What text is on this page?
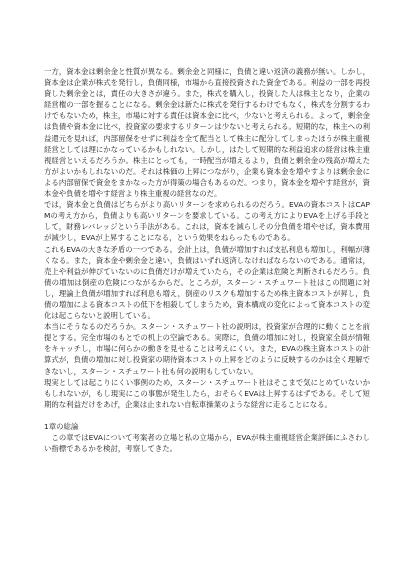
一方，資本金は剰余金と性質が異なる。剰余金と同様に，負債と違い返済の義務が無い。しかし，資本金は企業が株式を発行し，負債同様，市場から直接投資された資金である。利益の一部を再投資した剰余金とは，責任の大きさが違う。また，株式を購入し，投資した人は株主となり，企業の経営権の一部を握ることになる。剰余金は新たに株式を発行するわけでもなく，株式を分割するわけでもないため，株主，市場に対する責任は資本金に比べ，少ないと考えられる。よって，剰余金は負債や資本金に比べ，投資家の要求するリターンは少ないと考えられる。短期的な，株主への利益還元を見れば，内部留保をせずに利益を全て配当として株主に配分してしまったほうが株主重視経営としては理にかなっているかもしれない。しかし，はたして短期的な利益追求の経営は株主重視経営といえるだろうか。株主にとっても，一時配当が増えるより，負債と剰余金の残高が増えた方がよいかもしれないのだ。それは株価の上昇につながり，企業も資本金を増やすよりは剰余金による内部留保で資金をまかなった方が得策の場合もあるのだ。つまり，資本金を増やす経営が，資本金や負債を増やす経営より株主重視の経営なのだ。

では，資本金と負債はどちらがより高いリターンを求められるのだろう。EVAの資本コストはCAPMの考え方から，負債よりも高いリターンを要求している。この考え方によりEVAを上げる手段として，財務レバレッジという手法がある。これは，資本を減らしその分負債を増やせば，資本費用が減少し，EVAが上昇することになる，という効果をねらったものである。

これもEVAの大きな矛盾の一つである。会計上は，負債が増加すれば支払利息も増加し，利幅が薄くなる。また，資本金や剰余金と違い，負債はいずれ返済しなければならないのである。通常は，売上や利益が伸びていないのに負債だけが増えていたら，その企業は危険と判断されるだろう。負債の増加は倒産の危険につながるからだ。ところが，スターン・スチュワート社はこの問題に対し，理論上負債が増加すれば利息も増え，倒産のリスクも増加するため株主資本コストが昇し，負債の増加による資本コストの低下を相殺してしまうため，資本構成の変化によって資本コストの変化は起こらないと説明している。

本当にそうなるのだろうか。スターン・スチュワート社の説明は，投資家が合理的に動くことを前提とする。完全市場のもとでの机上の空論である。実際に，負債の増加に対し，投資家全員が情報をキャッチし，市場に何らかの動きを見せることは考えにくい。また，EVAの株主資本コストの計算式が，負債の増加に対し投資家の期待資本コストの上昇をどのように反映するのかは全く理解できないし，スターン・スチュワート社も何の説明もしていない。

現実としては起こりにくい事例のため，スターン・スチュワート社はそこまで気にとめていないかもしれないが，もし現実にこの事態が発生したら，おそらくEVAは上昇するはずである。そして短期的な利益だけをあげ，企業は止まれない自転車操業のような経営に走ることになる。

1章の総論

この章ではEVAについて考案者の立場と私の立場から，EVAが株主重視経営企業評価にふさわしい指標であるかを検討，考察してきた。
